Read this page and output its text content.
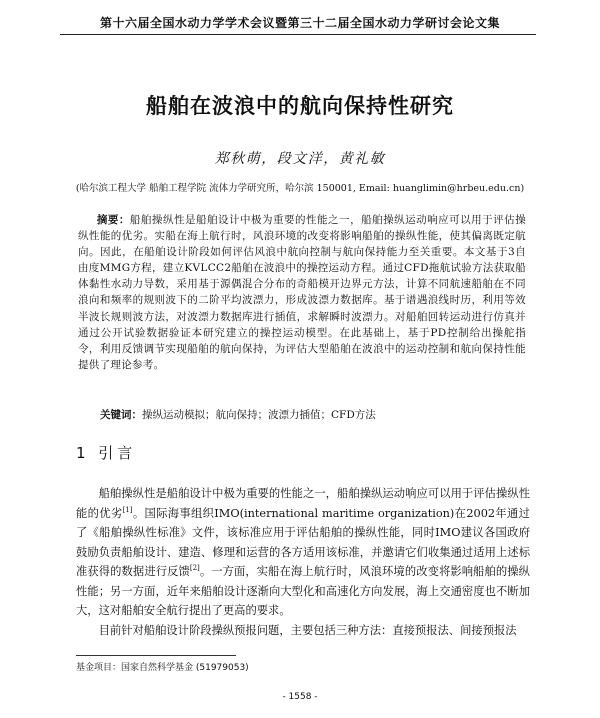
第十六届全国水动力学学术会议暨第三十二届全国水动力学研讨会论文集
船舶在波浪中的航向保持性研究
郑秋萌，段文洋，黄礼敏
(哈尔滨工程大学 船舶工程学院 流体力学研究所，哈尔滨 150001, Email: huanglimin@hrbeu.edu.cn)
摘要：船舶操纵性是船舶设计中极为重要的性能之一，船舶操纵运动响应可以用于评估操纵性能的优劣。实船在海上航行时，风浪环境的改变将影响船舶的操纵性能，使其偏离既定航向。因此，在船舶设计阶段如何评估风浪中航向控制与航向保持能力至关重要。本文基于3自由度MMG方程，建立KVLCC2船舶在波浪中的操控运动方程。通过CFD拖航试验方法获取船体黏性水动力导数，采用基于源偶混合分布的奇船模开边界元方法，计算不同航速船舶在不同浪向和频率的规则波下的二阶平均波漂力，形成波漂力数据库。基于谱遇浪线时历，利用等效半波长规则波方法，对波漂力数据库进行插值，求解瞬时波漂力。对船舶回转运动进行仿真并通过公开试验数据验证本研究建立的操控运动模型。在此基础上，基于PD控制给出操舵指令，利用反馈调节实现船舶的航向保持，为评估大型船舶在波浪中的运动控制和航向保持性能提供了理论参考。
关键词：操纵运动模拟；航向保持；波漂力插值；CFD方法
1 引言

船舶操纵性是船舶设计中极为重要的性能之一，船舶操纵运动响应可以用于评估操纵性能的优劣[1]。国际海事组织IMO(international maritime organization)在2002年通过了《船舶操纵性标准》文件，该标准应用于评估船舶的操纵性能，同时IMO建议各国政府鼓励负责船舶设计、建造、修理和运营的各方适用该标准，并邀请它们收集通过适用上述标准获得的数据进行反馈[2]。一方面，实船在海上航行时，风浪环境的改变将影响船舶的操纵性能；另一方面，近年来船舶设计逐渐向大型化和高速化方向发展，海上交通密度也不断加大，这对船舶安全航行提出了更高的要求。

目前针对船舶设计阶段操纵预报问题，主要包括三种方法：直接预报法、间接预报法

基金项目：国家自然科学基金 (51979053)
- 1558 -
